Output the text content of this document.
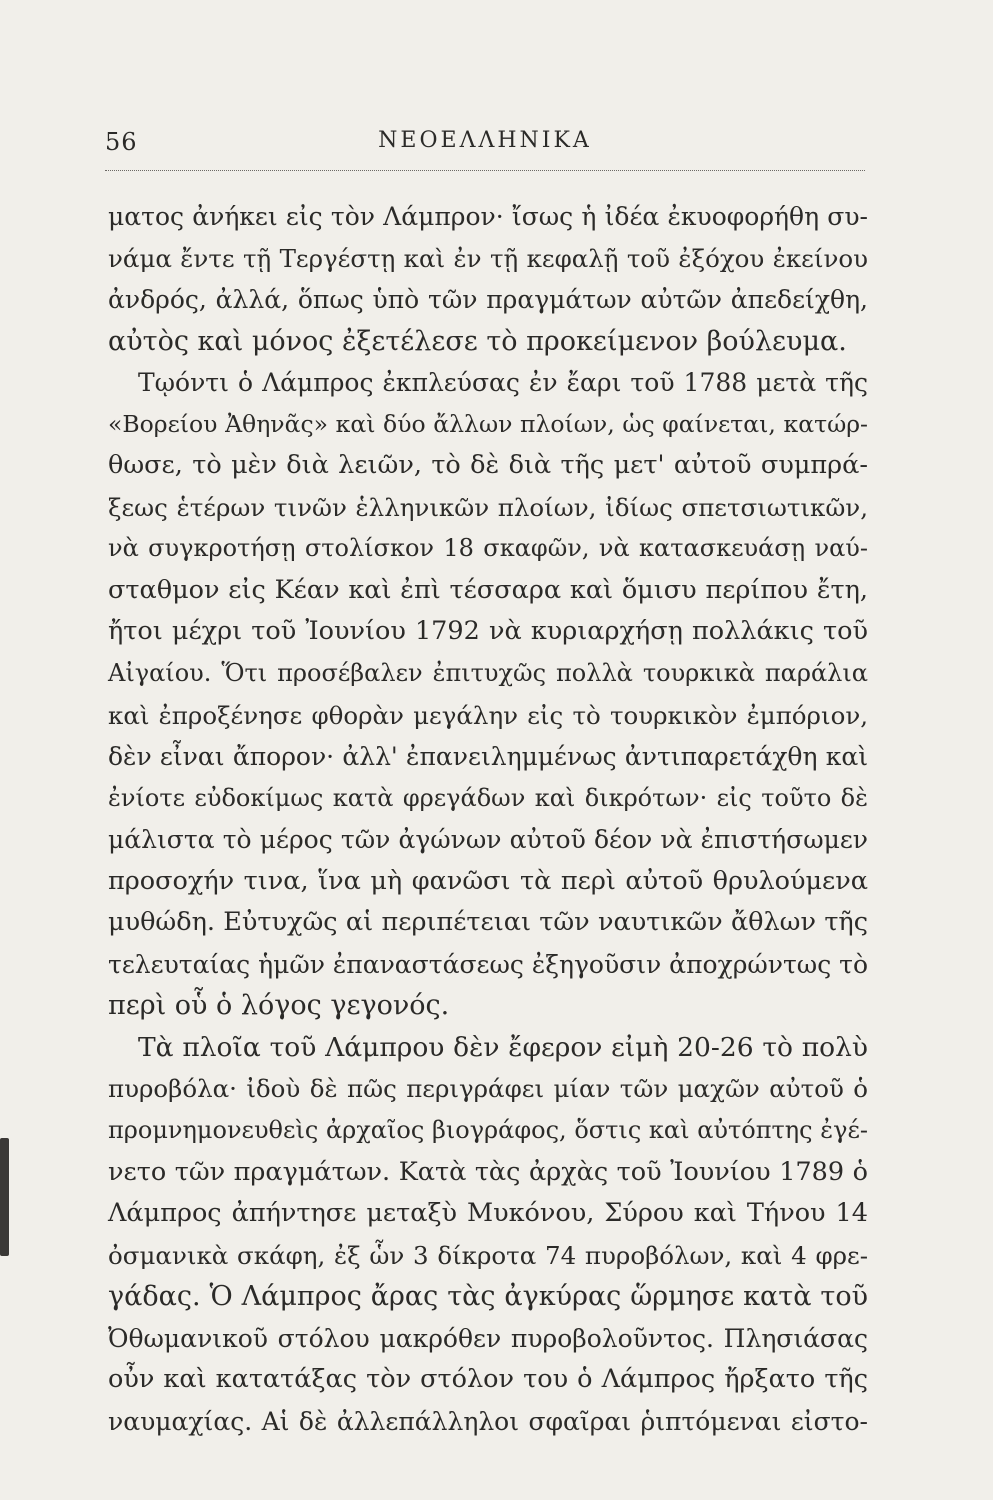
56	ΝΕΟΕΛΛΗΝΙΚΑ
ματος ἀνήκει εἰς τὸν Λάμπρον· ἴσως ἡ ἰδέα ἐκυοφορήθη συ-
νάμα ἔντε τῇ Τεργέστῃ καὶ ἐν τῇ κεφαλῇ τοῦ ἐξόχου ἐκείνου
ἀνδρός, ἀλλά, ὅπως ὑπὸ τῶν πραγμάτων αὐτῶν ἀπεδείχθη,
αὐτὸς καὶ μόνος ἐξετέλεσε τὸ προκείμενον βούλευμα.
Τῳόντι ὁ Λάμπρος ἐκπλεύσας ἐν ἔαρι τοῦ 1788 μετὰ τῆς
«Βορείου Ἀθηνᾶς» καὶ δύο ἄλλων πλοίων, ὡς φαίνεται, κατώρ-
θωσε, τὸ μὲν διὰ λειῶν, τὸ δὲ διὰ τῆς μετ' αὐτοῦ συμπρά-
ξεως ἑτέρων τινῶν ἑλληνικῶν πλοίων, ἰδίως σπετσιωτικῶν,
νὰ συγκροτήσῃ στολίσκον 18 σκαφῶν, νὰ κατασκευάσῃ ναύ-
σταθμον εἰς Κέαν καὶ ἐπὶ τέσσαρα καὶ ὅμισυ περίπου ἔτη,
ἤτοι μέχρι τοῦ Ἰουνίου 1792 νὰ κυριαρχήσῃ πολλάκις τοῦ
Αἰγαίου. Ὅτι προσέβαλεν ἐπιτυχῶς πολλὰ τουρκικὰ παράλια
καὶ ἐπροξένησε φθορὰν μεγάλην εἰς τὸ τουρκικὸν ἐμπόριον,
δὲν εἶναι ἄπορον· ἀλλ' ἐπανειλημμένως ἀντιπαρετάχθη καὶ
ἐνίοτε εὐδοκίμως κατὰ φρεγάδων καὶ δικρότων· εἰς τοῦτο δὲ
μάλιστα τὸ μέρος τῶν ἀγώνων αὐτοῦ δέον νὰ ἐπιστήσωμεν
προσοχήν τινα, ἵνα μὴ φανῶσι τὰ περὶ αὐτοῦ θρυλούμενα
μυθώδη. Εὐτυχῶς αἱ περιπέτειαι τῶν ναυτικῶν ἄθλων τῆς
τελευταίας ἡμῶν ἐπαναστάσεως ἐξηγοῦσιν ἀποχρώντως τὸ
περὶ οὗ ὁ λόγος γεγονός.
Τὰ πλοῖα τοῦ Λάμπρου δὲν ἔφερον εἰμὴ 20-26 τὸ πολὺ
πυροβόλα· ἰδοὺ δὲ πῶς περιγράφει μίαν τῶν μαχῶν αὐτοῦ ὁ
προμνημονευθεὶς ἀρχαῖος βιογράφος, ὅστις καὶ αὐτόπτης ἐγέ-
νετο τῶν πραγμάτων. Κατὰ τὰς ἀρχὰς τοῦ Ἰουνίου 1789 ὁ
Λάμπρος ἀπήντησε μεταξὺ Μυκόνου, Σύρου καὶ Τήνου 14
ὀσμανικὰ σκάφη, ἐξ ὧν 3 δίκροτα 74 πυροβόλων, καὶ 4 φρε-
γάδας. Ὁ Λάμπρος ἄρας τὰς ἀγκύρας ὥρμησε κατὰ τοῦ
Ὀθωμανικοῦ στόλου μακρόθεν πυροβολοῦντος. Πλησιάσας
οὖν καὶ κατατάξας τὸν στόλον του ὁ Λάμπρος ἤρξατο τῆς
ναυμαχίας. Αἱ δὲ ἀλλεπάλληλοι σφαῖραι ῥιπτόμεναι εἰστο-
